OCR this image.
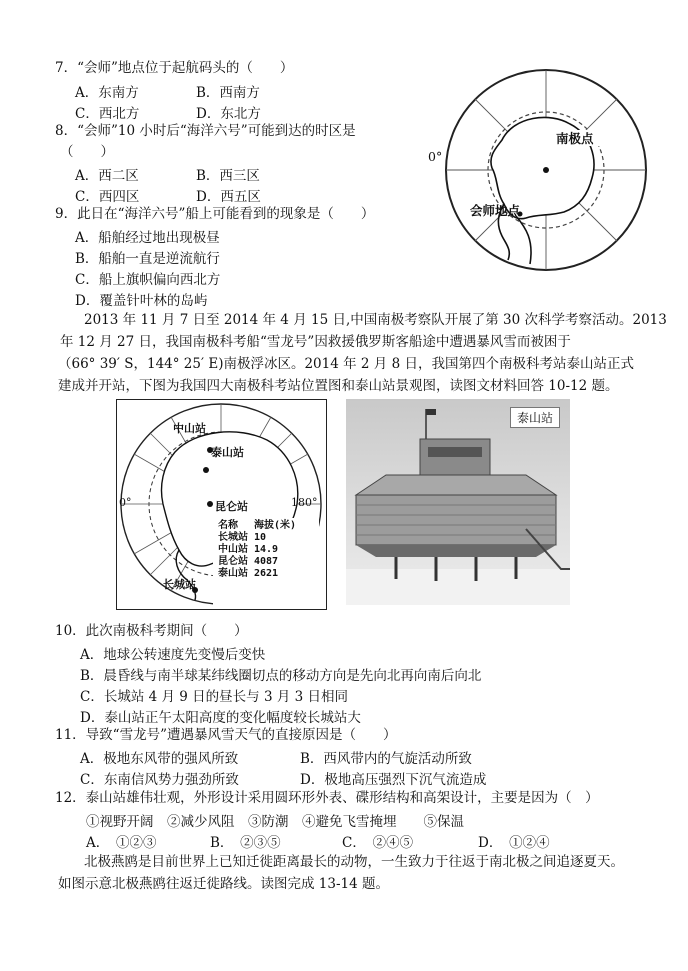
7．“会师”地点位于起航码头的（　　）
A．东南方	B．西南方
C．西北方	D．东北方
8．“会师”10 小时后“海洋六号”可能到达的时区是
（　　）
A．西二区	B．西三区
C．西四区	D．西五区
9．此日在“海洋六号”船上可能看到的现象是（　　）
A．船舶经过地出现极昼
B．船舶一直是逆流航行
C．船上旗帜偏向西北方
D．覆盖针叶林的岛屿
南极点
会师地点
0°
2013 年 11 月 7 日至 2014 年 4 月 15 日,中国南极考察队开展了第 30 次科学考察活动。2013
年 12 月 27 日，我国南极科考船“雪龙号”因救援俄罗斯客船途中遭遇暴风雪而被困于
（66° 39′ S，144° 25′ E)南极浮冰区。2014 年 2 月 8 日，我国第四个南极科考站泰山站正式
建成并开站，下图为我国四大南极科考站位置图和泰山站景观图，读图文材料回答 10-12 题。
中山站
泰山站
昆仑站
长城站
0°	180°
名称	海拔(米)
长城站	10
中山站	14.9
昆仑站	4087
泰山站	2621
泰山站
10．此次南极科考期间（　　）
A．地球公转速度先变慢后变快
B．晨昏线与南半球某纬线圈切点的移动方向是先向北再向南后向北
C．长城站 4 月 9 日的昼长与 3 月 3 日相同
D．泰山站正午太阳高度的变化幅度较长城站大
11．导致“雪龙号”遭遇暴风雪天气的直接原因是（　　）
A．极地东风带的强风所致	B．西风带内的气旋活动所致
C．东南信风势力强劲所致	D．极地高压强烈下沉气流造成
12．泰山站雄伟壮观，外形设计采用圆环形外表、碟形结构和高架设计，主要是因为（　）
①视野开阔　②减少风阻　③防潮　④避免飞雪掩埋　　⑤保温
A．　①②③	B．　②③⑤	C．　②④⑤	D．　①②④
北极燕鸥是目前世界上已知迁徙距离最长的动物，一生致力于往返于南北极之间追逐夏天。
如图示意北极燕鸥往返迁徙路线。读图完成 13-14 题。
